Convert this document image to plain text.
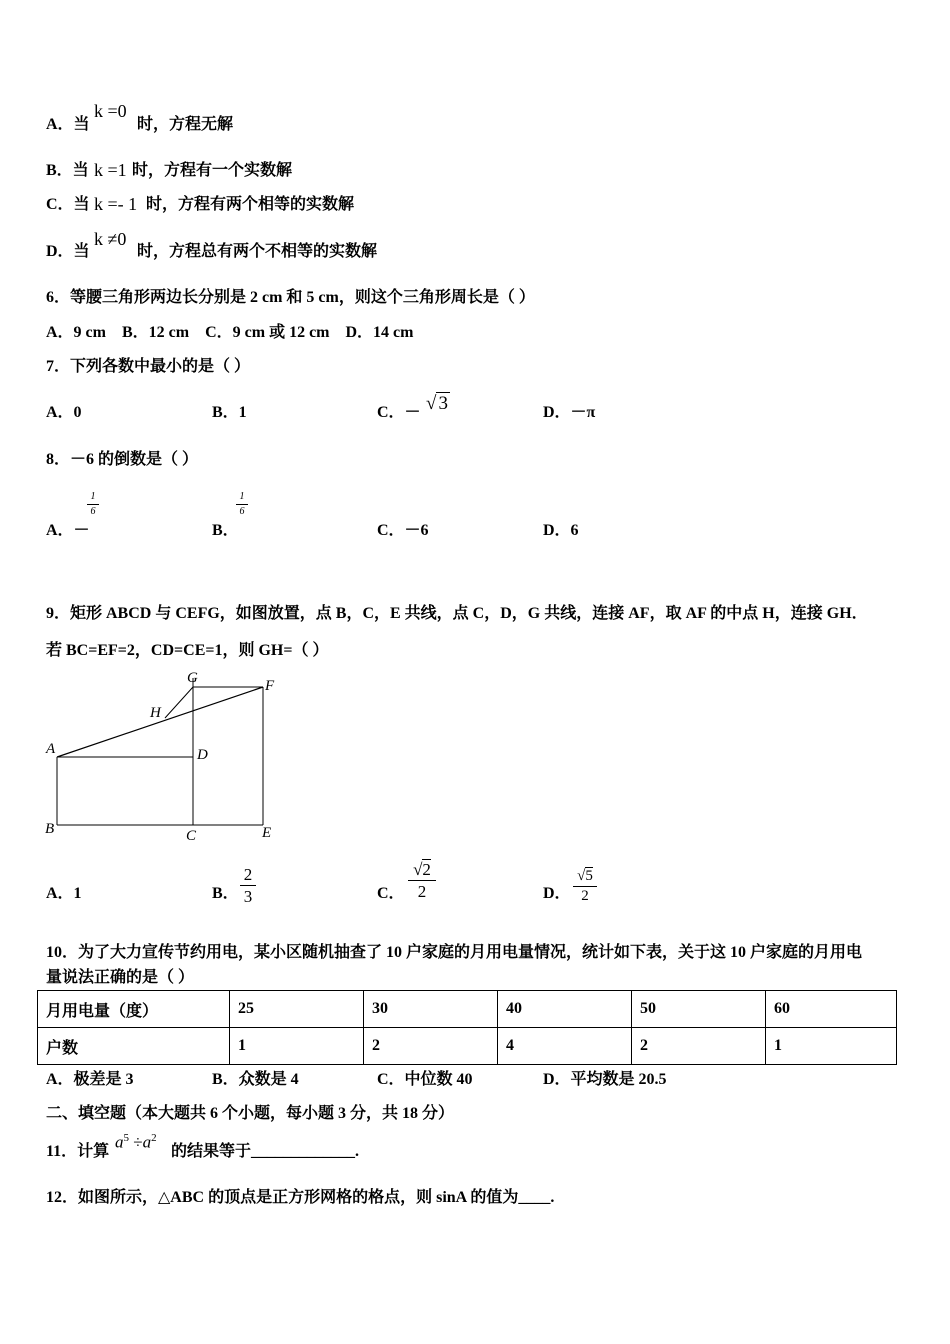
A．当
k =0
时，方程无解
B．当 k =1 时，方程有一个实数解
C．当 k =- 1 时，方程有两个相等的实数解
D．当
k ≠0
时，方程总有两个不相等的实数解
6．等腰三角形两边长分别是 2 cm 和 5 cm，则这个三角形周长是（ ）
A．9 cm    B．12 cm    C．9 cm 或 12 cm    D．14 cm
7．下列各数中最小的是（ ）
A．0	B．1	C．－ √ 3	D．－π
8．－6 的倒数是（ ）
A．－
1
6
B．
1
6
C．－6	D．6
9．矩形 ABCD 与 CEFG，如图放置，点 B，C，E 共线，点 C，D，G 共线，连接 AF，取 AF 的中点 H，连接 GH．
若 BC=EF=2，CD=CE=1，则 GH=（ ）
G	F
H
A	D
B	C	E
A．1	B．
2
3	C．
√2
2	D．
√5
2
10．为了大力宣传节约用电，某小区随机抽查了 10 户家庭的月用电量情况，统计如下表，关于这 10 户家庭的月用电
量说法正确的是（ ）
月用电量（度）	25	30	40	50	60
户数	1	2	4	2	1
A．极差是 3	B．众数是 4	C．中位数 40	D．平均数是 20.5
二、填空题（本大题共 6 个小题，每小题 3 分，共 18 分）
11．计算 $a^5 \div a^2$
的结果等于_____________.
12．如图所示，△ABC 的顶点是正方形网格的格点，则 sinA 的值为____.
